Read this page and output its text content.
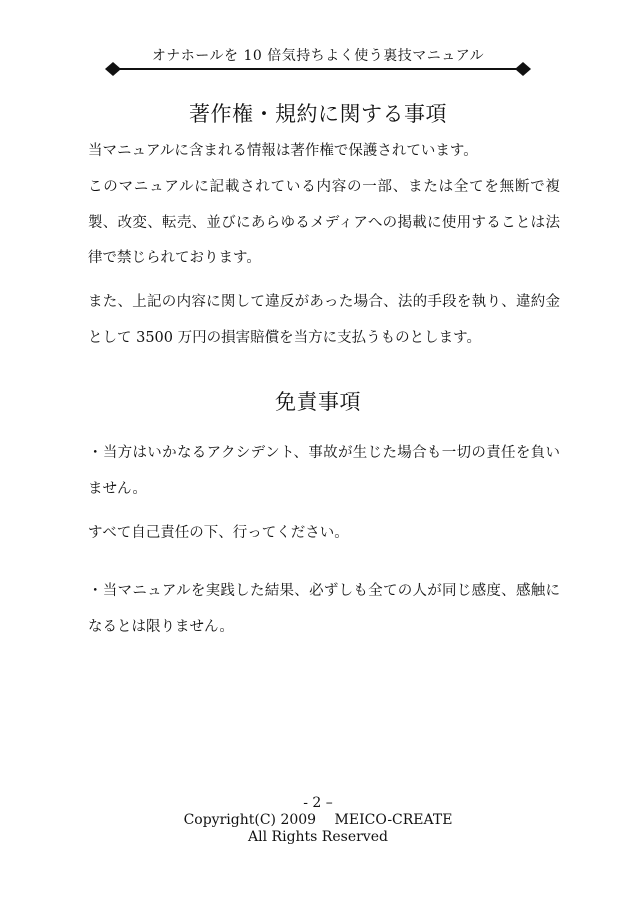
オナホールを 10 倍気持ちよく使う裏技マニュアル
著作権・規約に関する事項

当マニュアルに含まれる情報は著作権で保護されています。

このマニュアルに記載されている内容の一部、または全てを無断で複製、改変、転売、並びにあらゆるメディアへの掲載に使用することは法律で禁じられております。

また、上記の内容に関して違反があった場合、法的手段を執り、違約金として 3500 万円の損害賠償を当方に支払うものとします。

免責事項

・当方はいかなるアクシデント、事故が生じた場合も一切の責任を負いません。

すべて自己責任の下、行ってください。

・当マニュアルを実践した結果、必ずしも全ての人が同じ感度、感触になるとは限りません。

- 2 –
Copyright(C) 2009　 MEICO-CREATE
All Rights Reserved
